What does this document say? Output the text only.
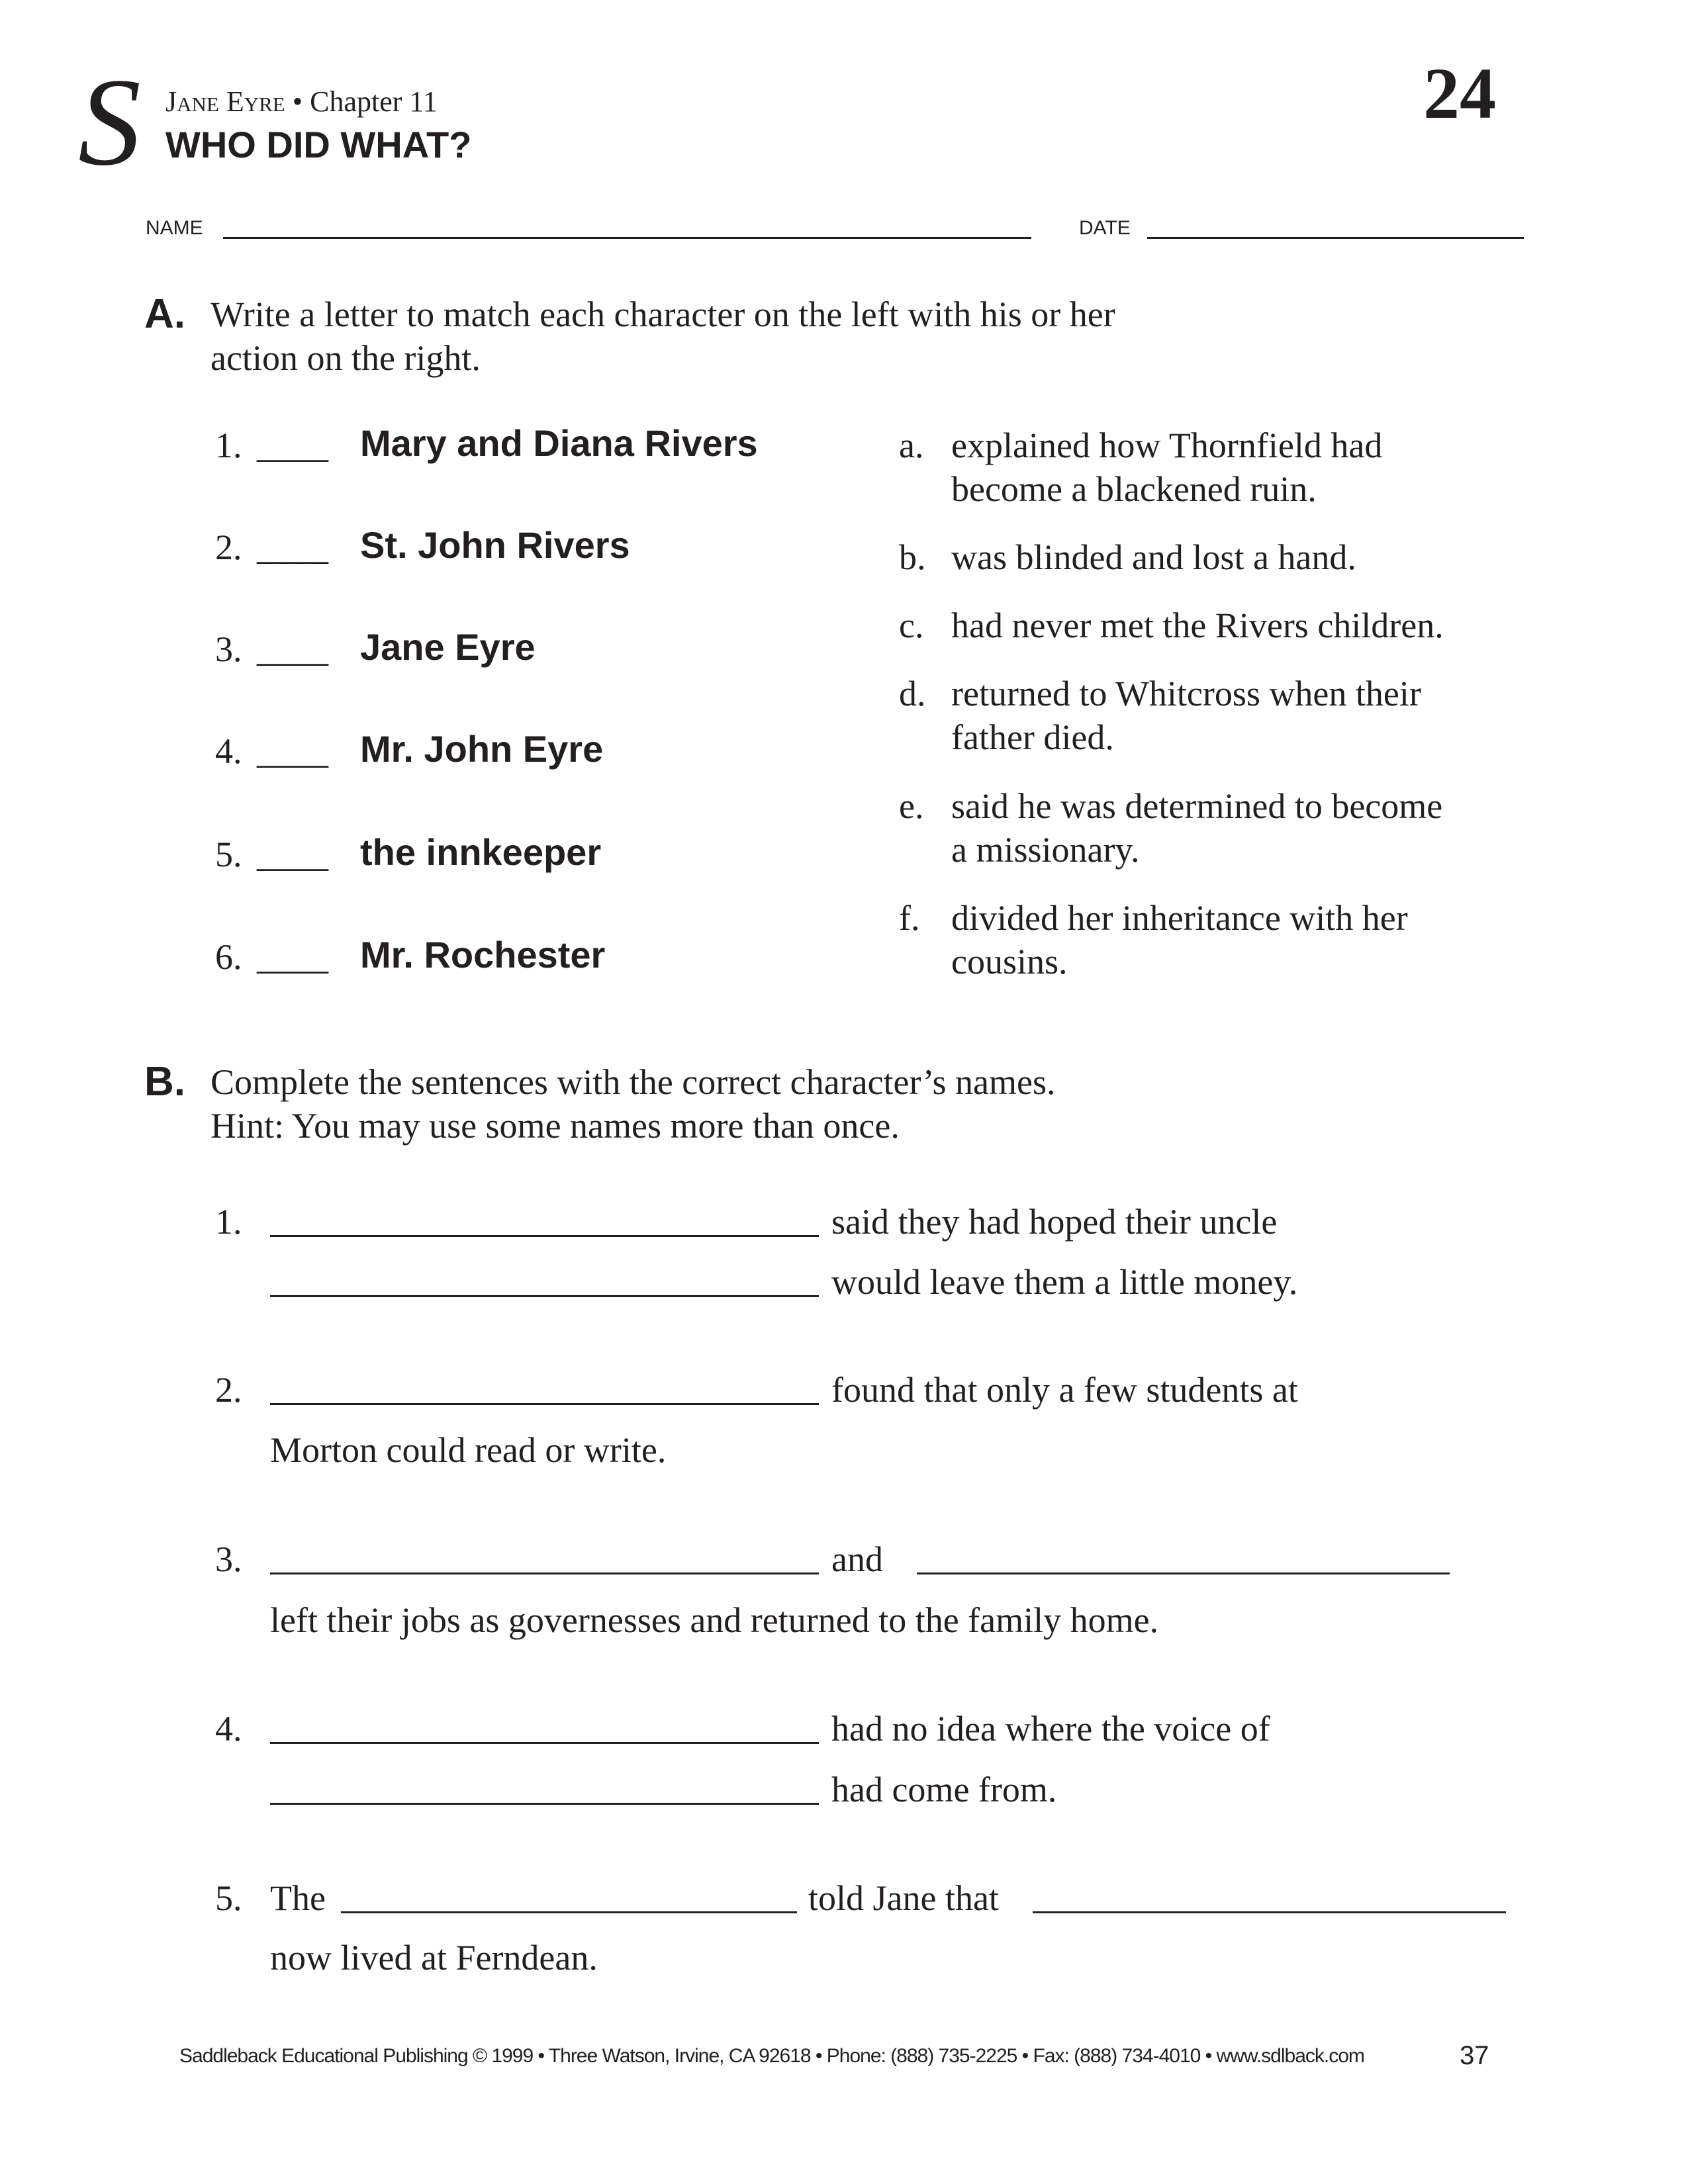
S Jane Eyre • Chapter 11
WHO DID WHAT?
24
NAME	DATE
A. Write a letter to match each character on the left with his or her
action on the right.
1. ____ Mary and Diana Rivers
2. ____ St. John Rivers
3. ____ Jane Eyre
4. ____ Mr. John Eyre
5. ____ the innkeeper
6. ____ Mr. Rochester
a. explained how Thornfield had
become a blackened ruin.
b. was blinded and lost a hand.
c. had never met the Rivers children.
d. returned to Whitcross when their
father died.
e. said he was determined to become
a missionary.
f. divided her inheritance with her
cousins.
B. Complete the sentences with the correct character’s names.
Hint: You may use some names more than once.
1.	said they had hoped their uncle
would leave them a little money.
2.	found that only a few students at
Morton could read or write.
3.	and
left their jobs as governesses and returned to the family home.
4.	had no idea where the voice of
had come from.
5. The	told Jane that
now lived at Ferndean.
Saddleback Educational Publishing © 1999 • Three Watson, Irvine, CA 92618 • Phone: (888) 735-2225 • Fax: (888) 734-4010 • www.sdlback.com	37
